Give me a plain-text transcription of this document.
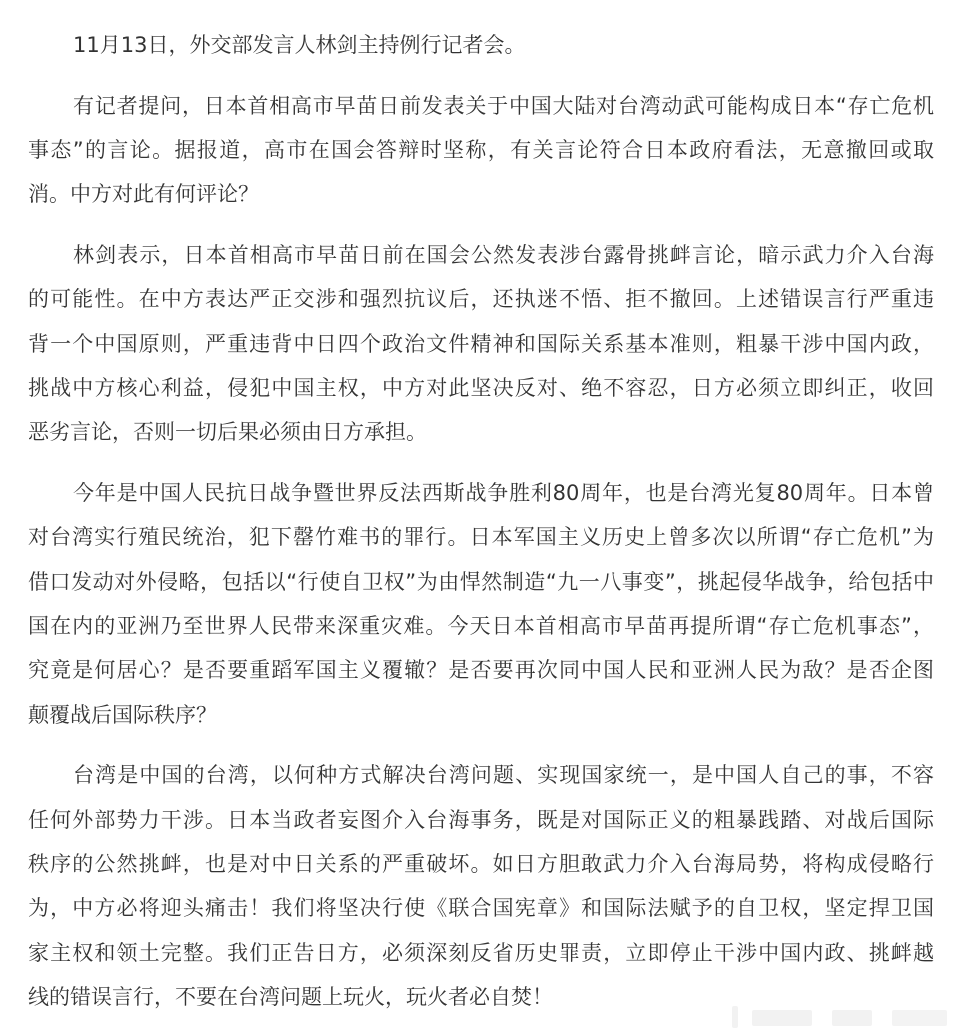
11月13日，外交部发言人林剑主持例行记者会。
有记者提问，日本首相高市早苗日前发表关于中国大陆对台湾动武可能构成日本“存亡危机
事态”的言论。据报道，高市在国会答辩时坚称，有关言论符合日本政府看法，无意撤回或取
消。中方对此有何评论？
林剑表示，日本首相高市早苗日前在国会公然发表涉台露骨挑衅言论，暗示武力介入台海
的可能性。在中方表达严正交涉和强烈抗议后，还执迷不悟、拒不撤回。上述错误言行严重违
背一个中国原则，严重违背中日四个政治文件精神和国际关系基本准则，粗暴干涉中国内政，
挑战中方核心利益，侵犯中国主权，中方对此坚决反对、绝不容忍，日方必须立即纠正，收回
恶劣言论，否则一切后果必须由日方承担。
今年是中国人民抗日战争暨世界反法西斯战争胜利80周年，也是台湾光复80周年。日本曾
对台湾实行殖民统治，犯下罄竹难书的罪行。日本军国主义历史上曾多次以所谓“存亡危机”为
借口发动对外侵略，包括以“行使自卫权”为由悍然制造“九一八事变”，挑起侵华战争，给包括中
国在内的亚洲乃至世界人民带来深重灾难。今天日本首相高市早苗再提所谓“存亡危机事态”，
究竟是何居心？是否要重蹈军国主义覆辙？是否要再次同中国人民和亚洲人民为敌？是否企图
颠覆战后国际秩序？
台湾是中国的台湾，以何种方式解决台湾问题、实现国家统一，是中国人自己的事，不容
任何外部势力干涉。日本当政者妄图介入台海事务，既是对国际正义的粗暴践踏、对战后国际
秩序的公然挑衅，也是对中日关系的严重破坏。如日方胆敢武力介入台海局势，将构成侵略行
为，中方必将迎头痛击！我们将坚决行使《联合国宪章》和国际法赋予的自卫权，坚定捍卫国
家主权和领土完整。我们正告日方，必须深刻反省历史罪责，立即停止干涉中国内政、挑衅越
线的错误言行，不要在台湾问题上玩火，玩火者必自焚！
